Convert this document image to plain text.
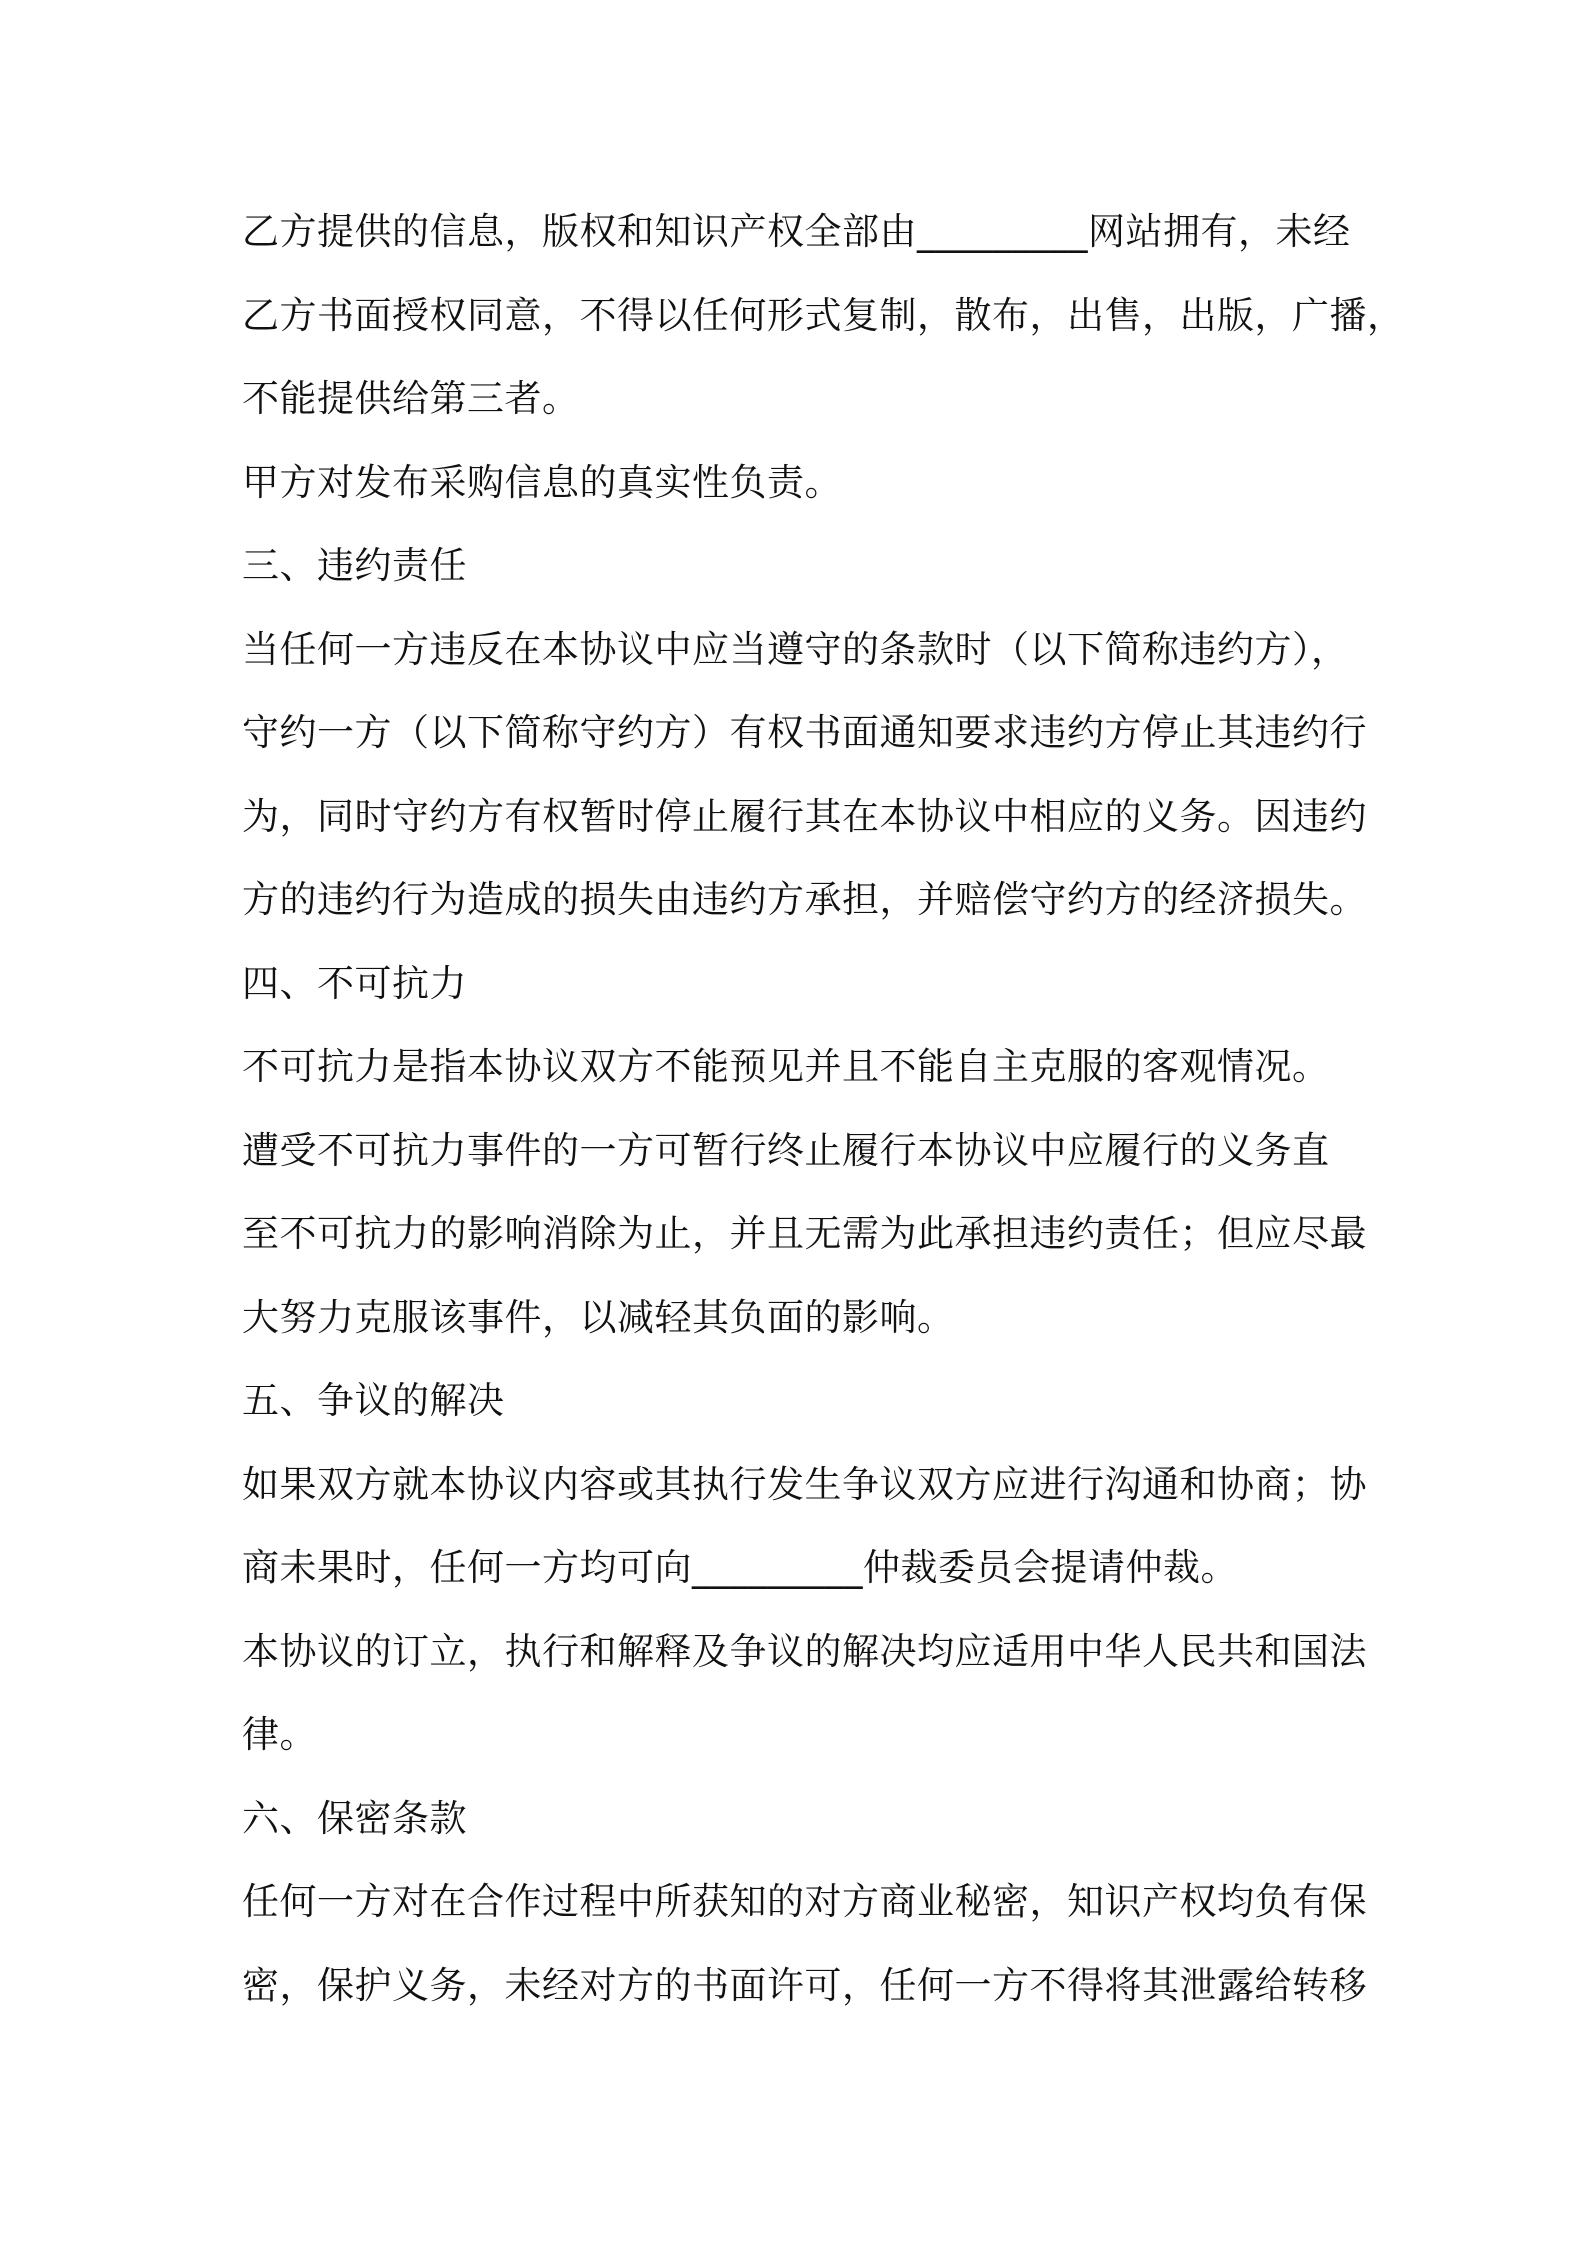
乙方提供的信息，版权和知识产权全部由_________网站拥有，未经
乙方书面授权同意，不得以任何形式复制，散布，出售，出版，广播，
不能提供给第三者。
甲方对发布采购信息的真实性负责。
三、违约责任
当任何一方违反在本协议中应当遵守的条款时（以下简称违约方），
守约一方（以下简称守约方）有权书面通知要求违约方停止其违约行
为，同时守约方有权暂时停止履行其在本协议中相应的义务。因违约
方的违约行为造成的损失由违约方承担，并赔偿守约方的经济损失。
四、不可抗力
不可抗力是指本协议双方不能预见并且不能自主克服的客观情况。
遭受不可抗力事件的一方可暂行终止履行本协议中应履行的义务直
至不可抗力的影响消除为止，并且无需为此承担违约责任；但应尽最
大努力克服该事件，以减轻其负面的影响。
五、争议的解决
如果双方就本协议内容或其执行发生争议双方应进行沟通和协商；协
商未果时，任何一方均可向_________仲裁委员会提请仲裁。
本协议的订立，执行和解释及争议的解决均应适用中华人民共和国法
律。
六、保密条款
任何一方对在合作过程中所获知的对方商业秘密，知识产权均负有保
密，保护义务，未经对方的书面许可，任何一方不得将其泄露给转移
